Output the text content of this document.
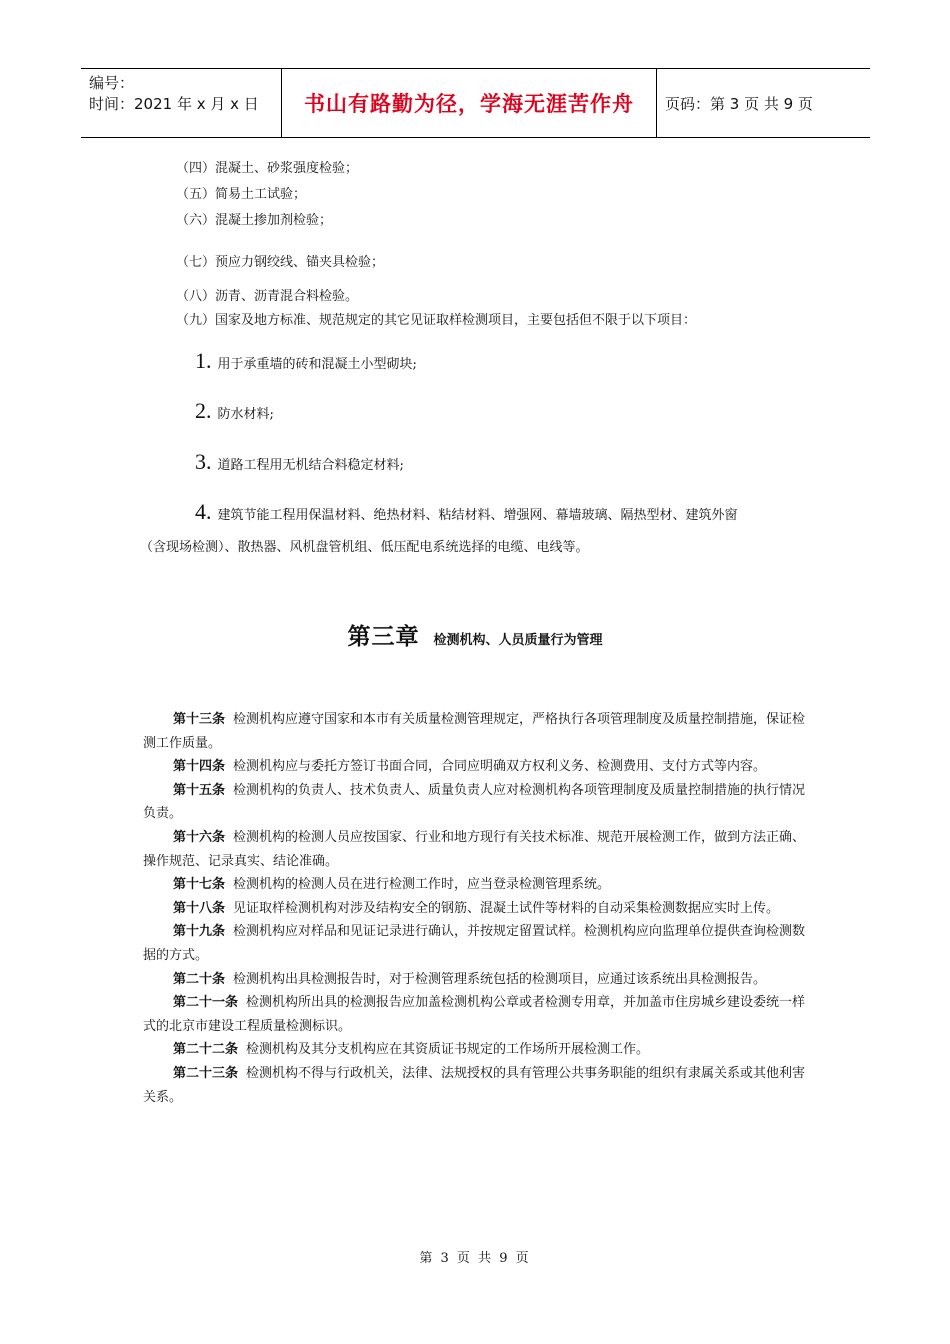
编号：
时间：2021 年 x 月 x 日	书山有路勤为径，学海无涯苦作舟	页码：第 3 页 共 9 页
（四）混凝土、砂浆强度检验；
（五）简易土工试验；
（六）混凝土掺加剂检验；
（七）预应力钢绞线、锚夹具检验；
（八）沥青、沥青混合料检验。
（九）国家及地方标准、规范规定的其它见证取样检测项目，主要包括但不限于以下项目：
1. 用于承重墙的砖和混凝土小型砌块;
2. 防水材料;
3. 道路工程用无机结合料稳定材料;
4. 建筑节能工程用保温材料、绝热材料、粘结材料、增强网、幕墙玻璃、隔热型材、建筑外窗
（含现场检测）、散热器、风机盘管机组、低压配电系统选择的电缆、电线等。
第三章 检测机构、人员质量行为管理

第十三条 检测机构应遵守国家和本市有关质量检测管理规定，严格执行各项管理制度及质量控制措施，保证检测工作质量。

第十四条 检测机构应与委托方签订书面合同，合同应明确双方权利义务、检测费用、支付方式等内容。

第十五条 检测机构的负责人、技术负责人、质量负责人应对检测机构各项管理制度及质量控制措施的执行情况负责。

第十六条 检测机构的检测人员应按国家、行业和地方现行有关技术标准、规范开展检测工作，做到方法正确、操作规范、记录真实、结论准确。

第十七条 检测机构的检测人员在进行检测工作时，应当登录检测管理系统。

第十八条 见证取样检测机构对涉及结构安全的钢筋、混凝土试件等材料的自动采集检测数据应实时上传。

第十九条 检测机构应对样品和见证记录进行确认，并按规定留置试样。检测机构应向监理单位提供查询检测数据的方式。

第二十条 检测机构出具检测报告时，对于检测管理系统包括的检测项目，应通过该系统出具检测报告。

第二十一条 检测机构所出具的检测报告应加盖检测机构公章或者检测专用章，并加盖市住房城乡建设委统一样式的北京市建设工程质量检测标识。

第二十二条 检测机构及其分支机构应在其资质证书规定的工作场所开展检测工作。

第二十三条 检测机构不得与行政机关，法律、法规授权的具有管理公共事务职能的组织有隶属关系或其他利害关系。

第 3 页 共 9 页
